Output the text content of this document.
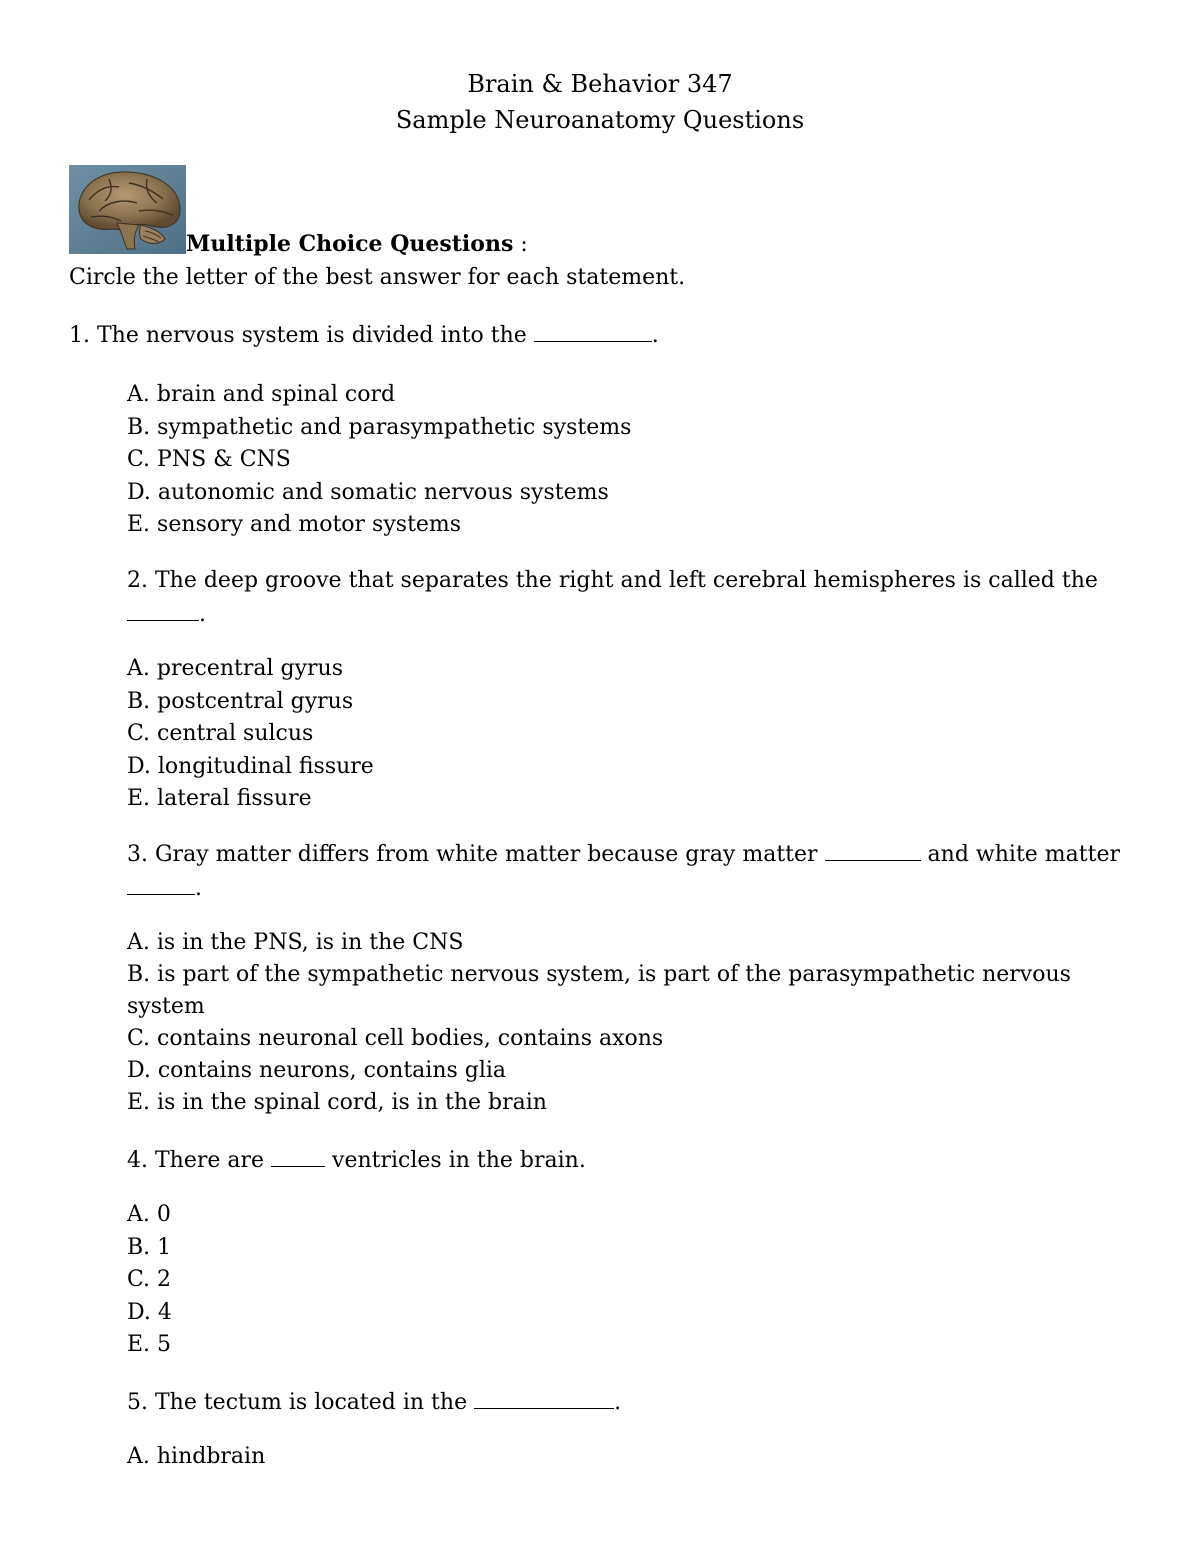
Brain & Behavior 347
Sample Neuroanatomy Questions
Multiple Choice Questions :
Circle the letter of the best answer for each statement.
1. The nervous system is divided into the	.
A. brain and spinal cord
B. sympathetic and parasympathetic systems
C. PNS & CNS
D. autonomic and somatic nervous systems
E. sensory and motor systems
2. The deep groove that separates the right and left cerebral hemispheres is called the .
A. precentral gyrus
B. postcentral gyrus
C. central sulcus
D. longitudinal fissure
E. lateral fissure
3. Gray matter differs from white matter because gray matter	and white matter .
A. is in the PNS, is in the CNS
B. is part of the sympathetic nervous system, is part of the parasympathetic nervous system
C. contains neuronal cell bodies, contains axons
D. contains neurons, contains glia
E. is in the spinal cord, is in the brain
4. There are  ventricles in the brain.
A. 0
B. 1
C. 2
D. 4
E. 5
5. The tectum is located in the	.
A. hindbrain
